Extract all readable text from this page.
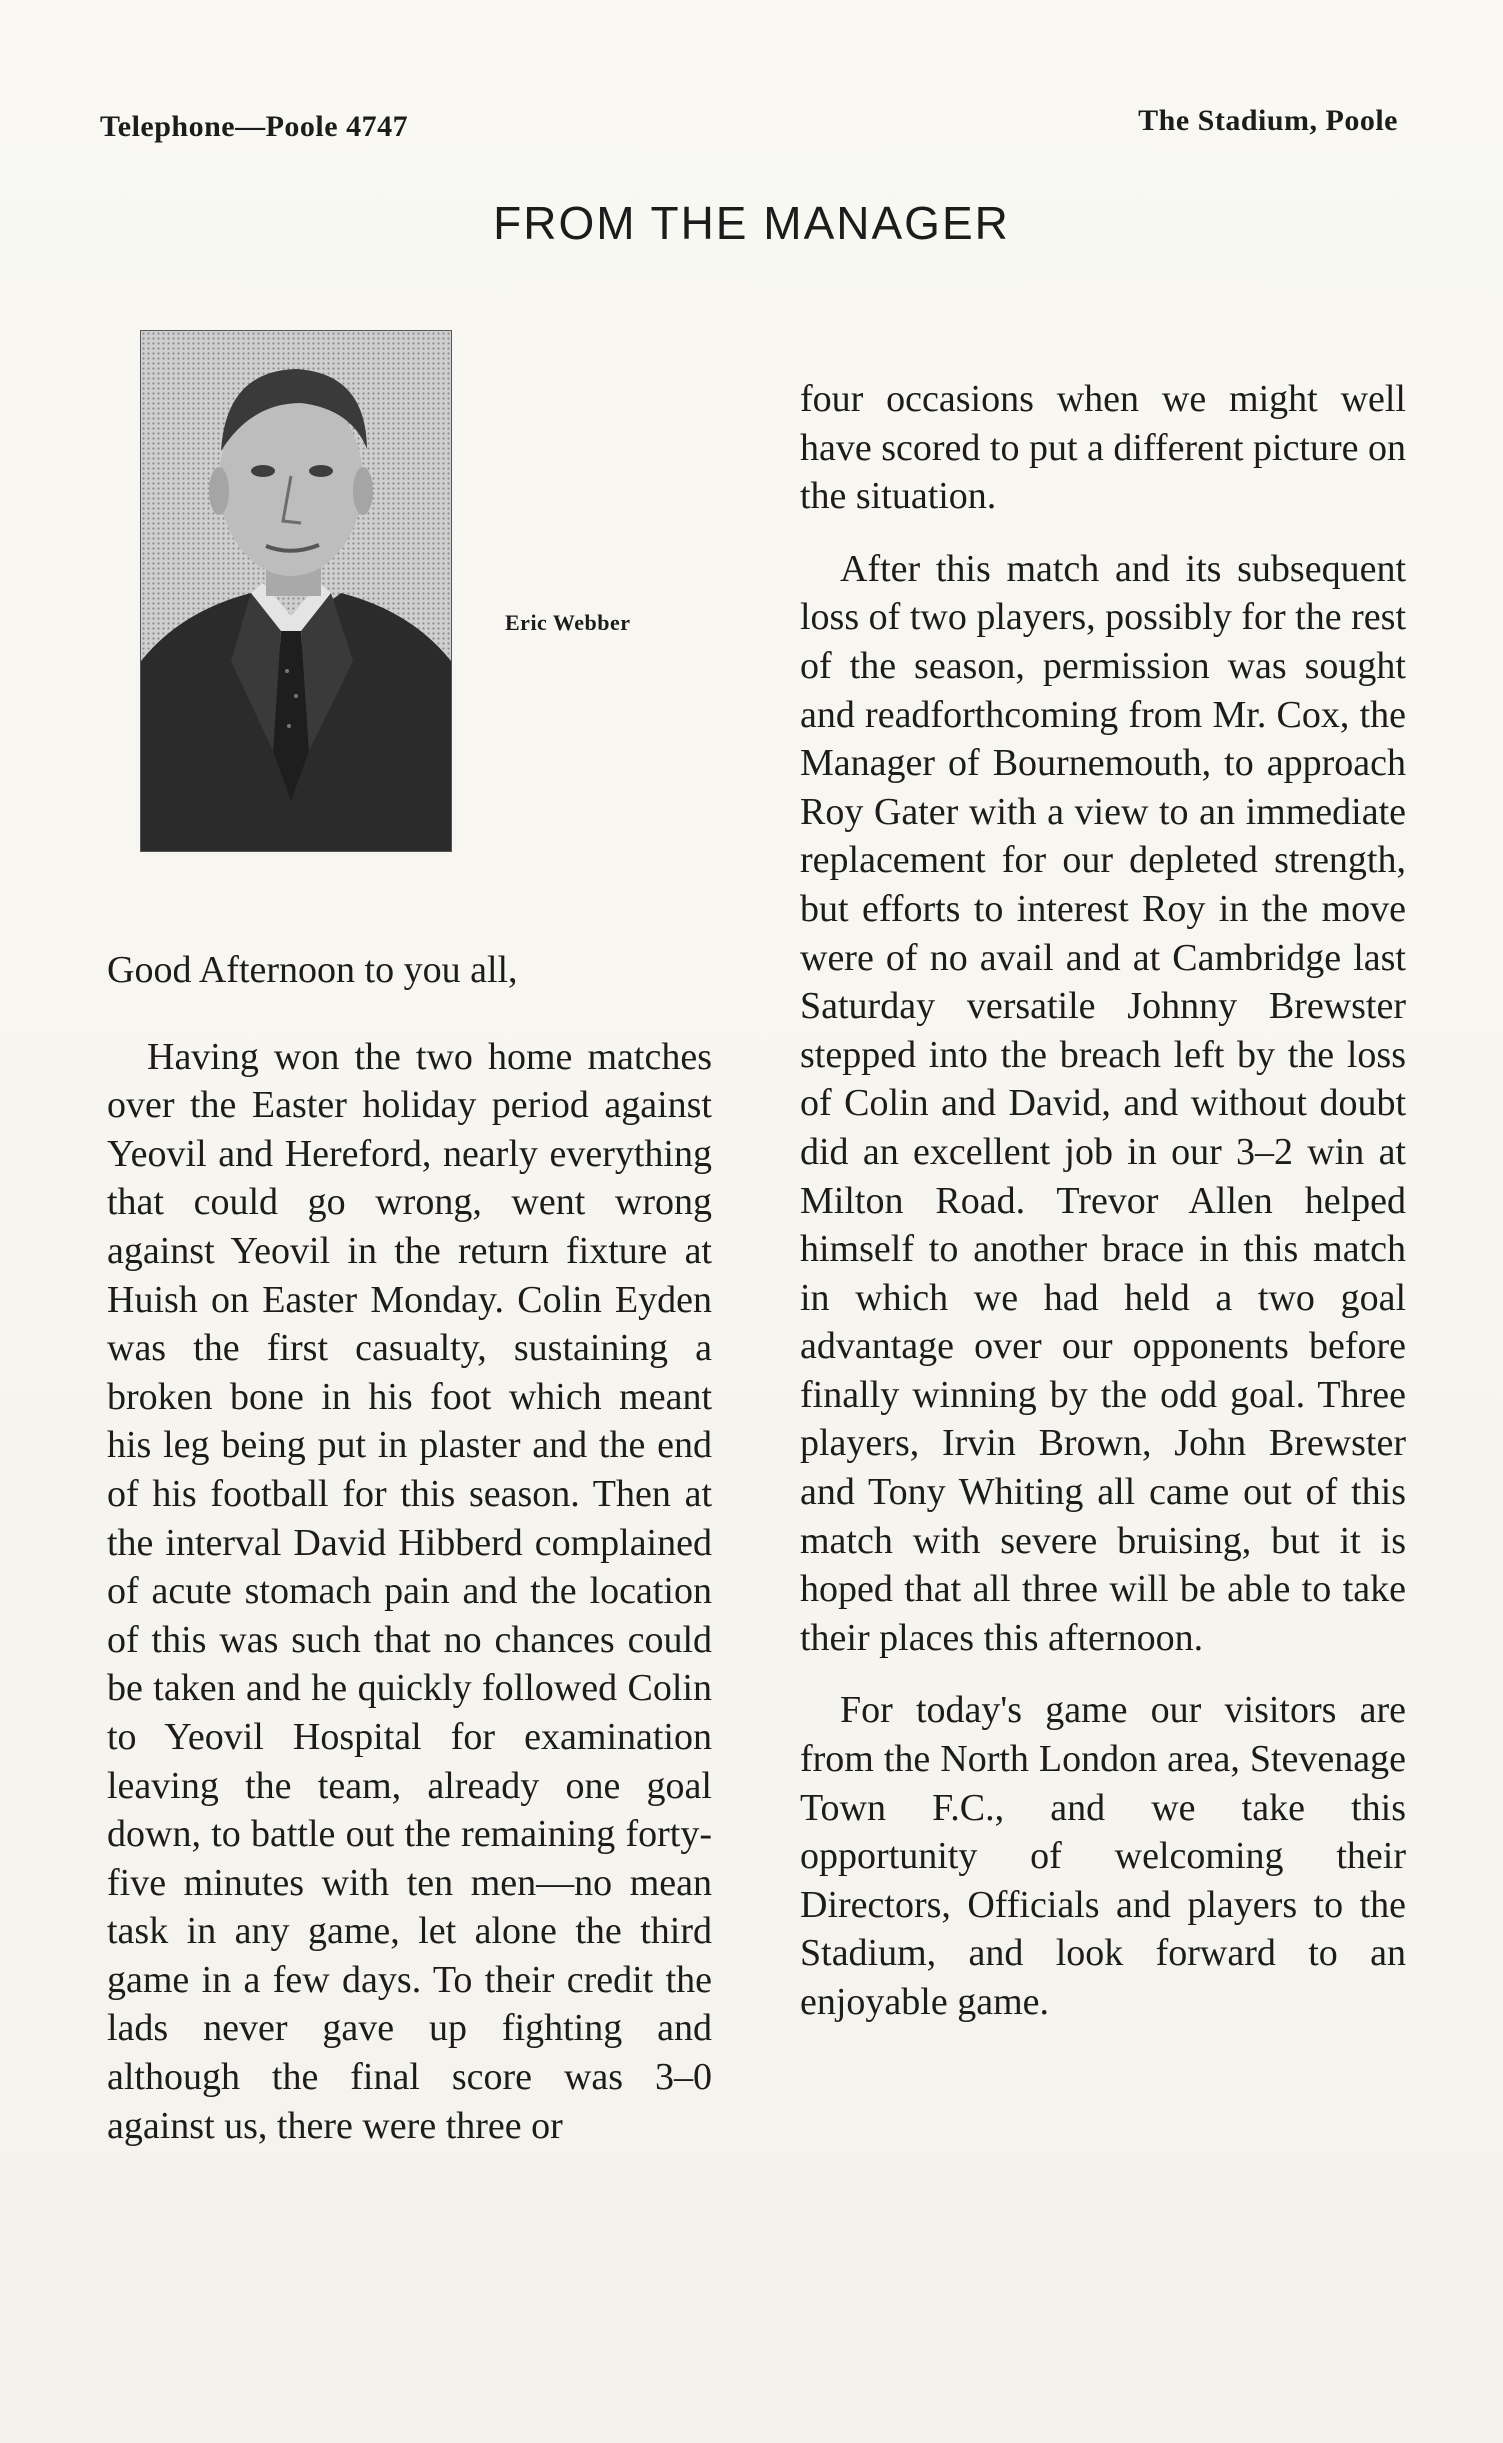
Telephone—Poole 4747	The Stadium, Poole
FROM THE MANAGER
Eric Webber

Good Afternoon to you all,

Having won the two home matches over the Easter holiday period against Yeovil and Hereford, nearly everything that could go wrong, went wrong against Yeovil in the return fixture at Huish on Easter Monday. Colin Eyden was the first casualty, sustaining a broken bone in his foot which meant his leg being put in plaster and the end of his football for this season. Then at the interval David Hibberd complained of acute stomach pain and the location of this was such that no chances could be taken and he quickly followed Colin to Yeovil Hospital for examination leaving the team, already one goal down, to battle out the remaining forty-five minutes with ten men—no mean task in any game, let alone the third game in a few days. To their credit the lads never gave up fighting and although the final score was 3–0 against us, there were three or

four occasions when we might well have scored to put a different picture on the situation.

After this match and its subsequent loss of two players, possibly for the rest of the season, permission was sought and readforthcoming from Mr. Cox, the Manager of Bournemouth, to approach Roy Gater with a view to an immediate replacement for our depleted strength, but efforts to interest Roy in the move were of no avail and at Cambridge last Saturday versatile Johnny Brewster stepped into the breach left by the loss of Colin and David, and without doubt did an excellent job in our 3–2 win at Milton Road. Trevor Allen helped himself to another brace in this match in which we had held a two goal advantage over our opponents before finally winning by the odd goal. Three players, Irvin Brown, John Brewster and Tony Whiting all came out of this match with severe bruising, but it is hoped that all three will be able to take their places this afternoon.

For today's game our visitors are from the North London area, Stevenage Town F.C., and we take this opportunity of welcoming their Directors, Officials and players to the Stadium, and look forward to an enjoyable game.
